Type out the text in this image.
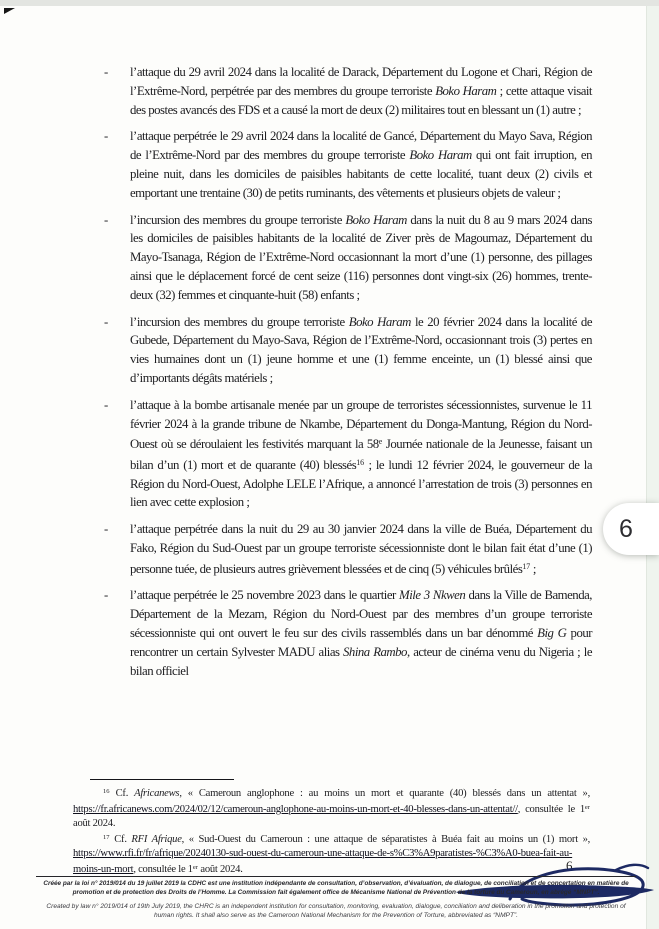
-	l’attaque du 29 avril 2024 dans la localité de Darack, Département du Logone et Chari, Région de l’Extrême-Nord, perpétrée par des membres du groupe terroriste Boko Haram ; cette attaque visait des postes avancés des FDS et a causé la mort de deux (2) militaires tout en blessant un (1) autre ;

-	l’attaque perpétrée le 29 avril 2024 dans la localité de Gancé, Département du Mayo Sava, Région de l’Extrême-Nord par des membres du groupe terroriste Boko Haram qui ont fait irruption, en pleine nuit, dans les domiciles de paisibles habitants de cette localité, tuant deux (2) civils et emportant une trentaine (30) de petits ruminants, des vêtements et plusieurs objets de valeur ;

-	l’incursion des membres du groupe terroriste Boko Haram dans la nuit du 8 au 9 mars 2024 dans les domiciles de paisibles habitants de la localité de Ziver près de Magoumaz, Département du Mayo-Tsanaga, Région de l’Extrême-Nord occasionnant la mort d’une (1) personne, des pillages ainsi que le déplacement forcé de cent seize (116) personnes dont vingt-six (26) hommes, trente-deux (32) femmes et cinquante-huit (58) enfants ;

-	l’incursion des membres du groupe terroriste Boko Haram le 20 février 2024 dans la localité de Gubede, Département du Mayo-Sava, Région de l’Extrême-Nord, occasionnant trois (3) pertes en vies humaines dont un (1) jeune homme et une (1) femme enceinte, un (1) blessé ainsi que d’importants dégâts matériels ;

-	l’attaque à la bombe artisanale menée par un groupe de terroristes sécessionnistes, survenue le 11 février 2024 à la grande tribune de Nkambe, Département du Donga-Mantung, Région du Nord-Ouest où se déroulaient les festivités marquant la 58e Journée nationale de la Jeunesse, faisant un bilan d’un (1) mort et de quarante (40) blessés$^{16}$ ; le lundi 12 février 2024, le gouverneur de la Région du Nord-Ouest, Adolphe LELE l’Afrique, a annoncé l’arrestation de trois (3) personnes en lien avec cette explosion ;

-	l’attaque perpétrée dans la nuit du 29 au 30 janvier 2024 dans la ville de Buéa, Département du Fako, Région du Sud-Ouest par un groupe terroriste sécessionniste dont le bilan fait état d’une (1) personne tuée, de plusieurs autres grièvement blessées et de cinq (5) véhicules brûlés$^{17}$ ;

-	l’attaque perpétrée le 25 novembre 2023 dans le quartier Mile 3 Nkwen dans la Ville de Bamenda, Département de la Mezam, Région du Nord-Ouest par des membres d’un groupe terroriste sécessionniste qui ont ouvert le feu sur des civils rassemblés dans un bar dénommé Big G pour rencontrer un certain Sylvester MADU alias Shina Rambo, acteur de cinéma venu du Nigeria ; le bilan officiel

6

$^{16}$ Cf. Africanews, « Cameroun anglophone : au moins un mort et quarante (40) blessés dans un attentat », https://fr.africanews.com/2024/02/12/cameroun-anglophone-au-moins-un-mort-et-40-blesses-dans-un-attentat//, consultée le 1er août 2024.

$^{17}$ Cf. RFI Afrique, « Sud-Ouest du Cameroun : une attaque de séparatistes à Buéa fait au moins un (1) mort », https://www.rfi.fr/fr/afrique/20240130-sud-ouest-du-cameroun-une-attaque-de-s%C3%A9paratistes-%C3%A0-buea-fait-au-moins-un-mort, consultée le 1er août 2024.	6

Créée par la loi n° 2019/014 du 19 juillet 2019 la CDHC est une institution indépendante de consultation, d’observation, d’évaluation, de dialogue, de conciliation et de concertation en matière de promotion et de protection des Droits de l’Homme. La Commission fait également office de Mécanisme National de Prévention de la torture du Cameroun, en abrégé “MNPT”.

Created by law n° 2019/014 of 19th July 2019, the CHRC is an independent institution for consultation, monitoring, evaluation, dialogue, conciliation and deliberation in the promotion and protection of human rights. It shall also serve as the Cameroon National Mechanism for the Prevention of Torture, abbreviated as “NMPT”.
